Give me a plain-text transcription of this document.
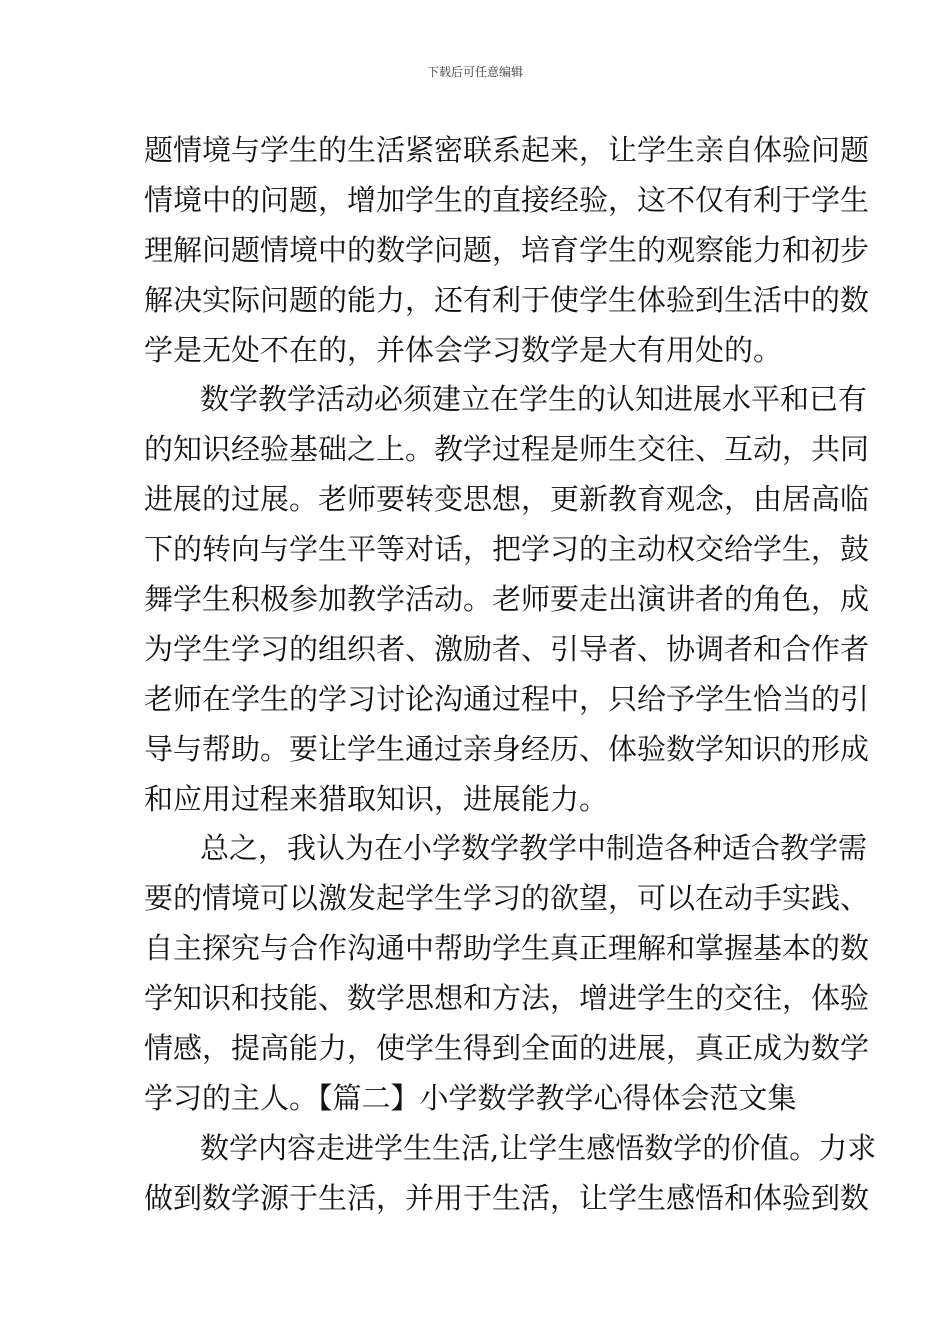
下载后可任意编辑
题情境与学生的生活紧密联系起来，让学生亲自体验问题
情境中的问题，增加学生的直接经验，这不仅有利于学生
理解问题情境中的数学问题，培育学生的观察能力和初步
解决实际问题的能力，还有利于使学生体验到生活中的数
学是无处不在的，并体会学习数学是大有用处的。
数学教学活动必须建立在学生的认知进展水平和已有
的知识经验基础之上。教学过程是师生交往、互动，共同
进展的过展。老师要转变思想，更新教育观念，由居高临
下的转向与学生平等对话，把学习的主动权交给学生，鼓
舞学生积极参加教学活动。老师要走出演讲者的角色，成
为学生学习的组织者、激励者、引导者、协调者和合作者
老师在学生的学习讨论沟通过程中，只给予学生恰当的引
导与帮助。要让学生通过亲身经历、体验数学知识的形成
和应用过程来猎取知识，进展能力。
总之，我认为在小学数学教学中制造各种适合教学需
要的情境可以激发起学生学习的欲望，可以在动手实践、
自主探究与合作沟通中帮助学生真正理解和掌握基本的数
学知识和技能、数学思想和方法，增进学生的交往，体验
情感，提高能力，使学生得到全面的进展，真正成为数学
学习的主人。【篇二】小学数学教学心得体会范文集
数学内容走进学生生活,让学生感悟数学的价值。力求
做到数学源于生活，并用于生活，让学生感悟和体验到数
